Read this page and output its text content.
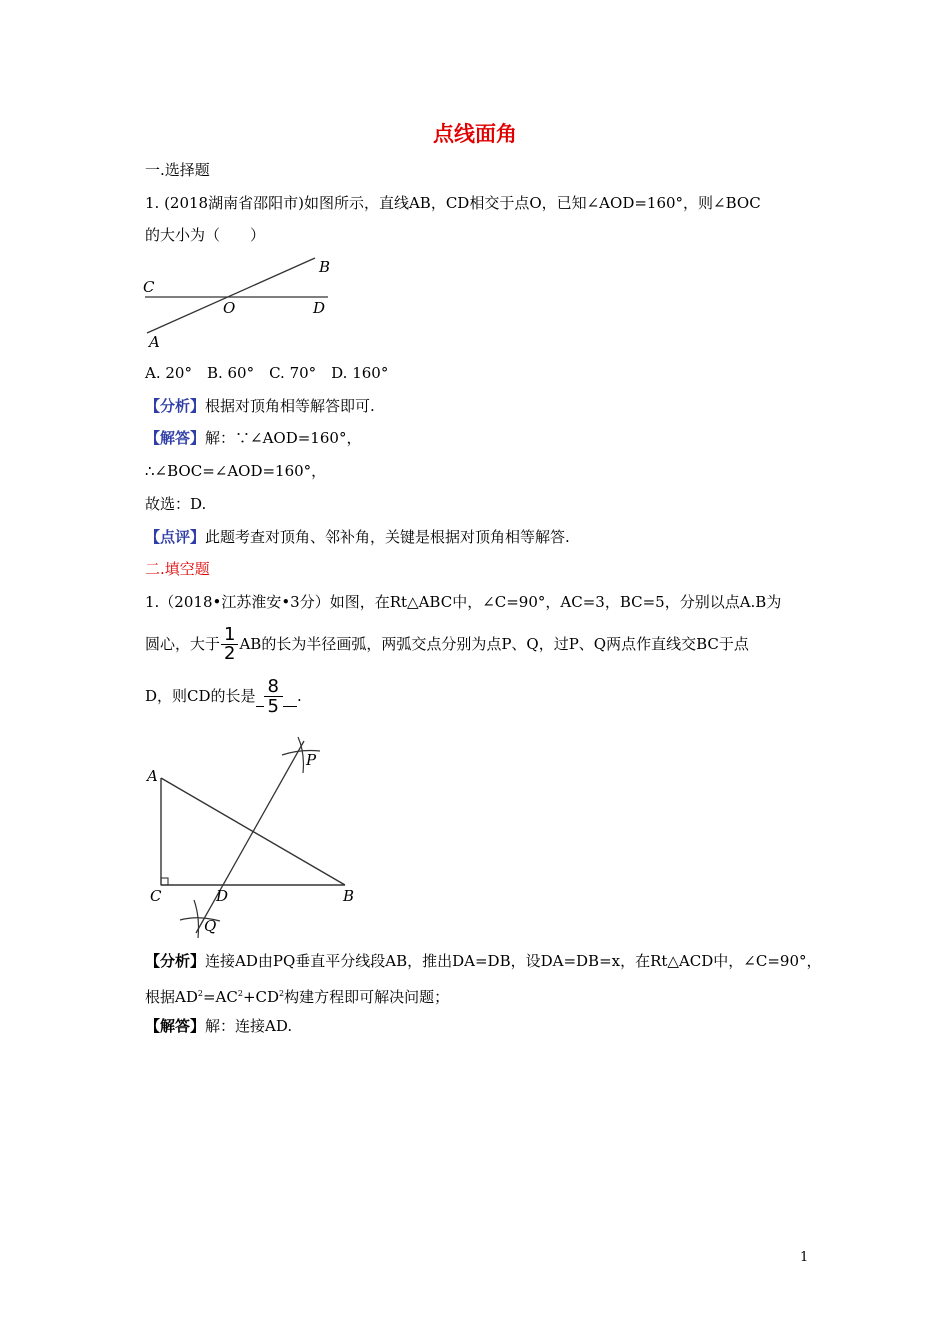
点线面角
一.选择题
1. (2018湖南省邵阳市)如图所示，直线AB，CD相交于点O，已知∠AOD=160°，则∠BOC
的大小为（　　）
C
B
O	D
A
A. 20°　B. 60°　C. 70°　D. 160°
【分析】根据对顶角相等解答即可.
【解答】解：∵∠AOD=160°，
∴∠BOC=∠AOD=160°，
故选：D.
【点评】此题考查对顶角、邻补角，关键是根据对顶角相等解答.
二.填空题
1.（2018•江苏淮安•3分）如图，在Rt△ABC中，∠C=90°，AC=3，BC=5，分别以点A.B为
圆心，大于 $\frac{1}{2}$ AB的长为半径画弧，两弧交点分别为点P、Q，过P、Q两点作直线交BC于点
D，则CD的长是 $\frac{8}{5}$ .
A
C	D	B
P
Q
【分析】连接AD由PQ垂直平分线段AB，推出DA=DB，设DA=DB=x，在Rt△ACD中，∠C=90°，
根据$AD^2=AC^2+CD^2$构建方程即可解决问题；
【解答】解：连接AD.
1
